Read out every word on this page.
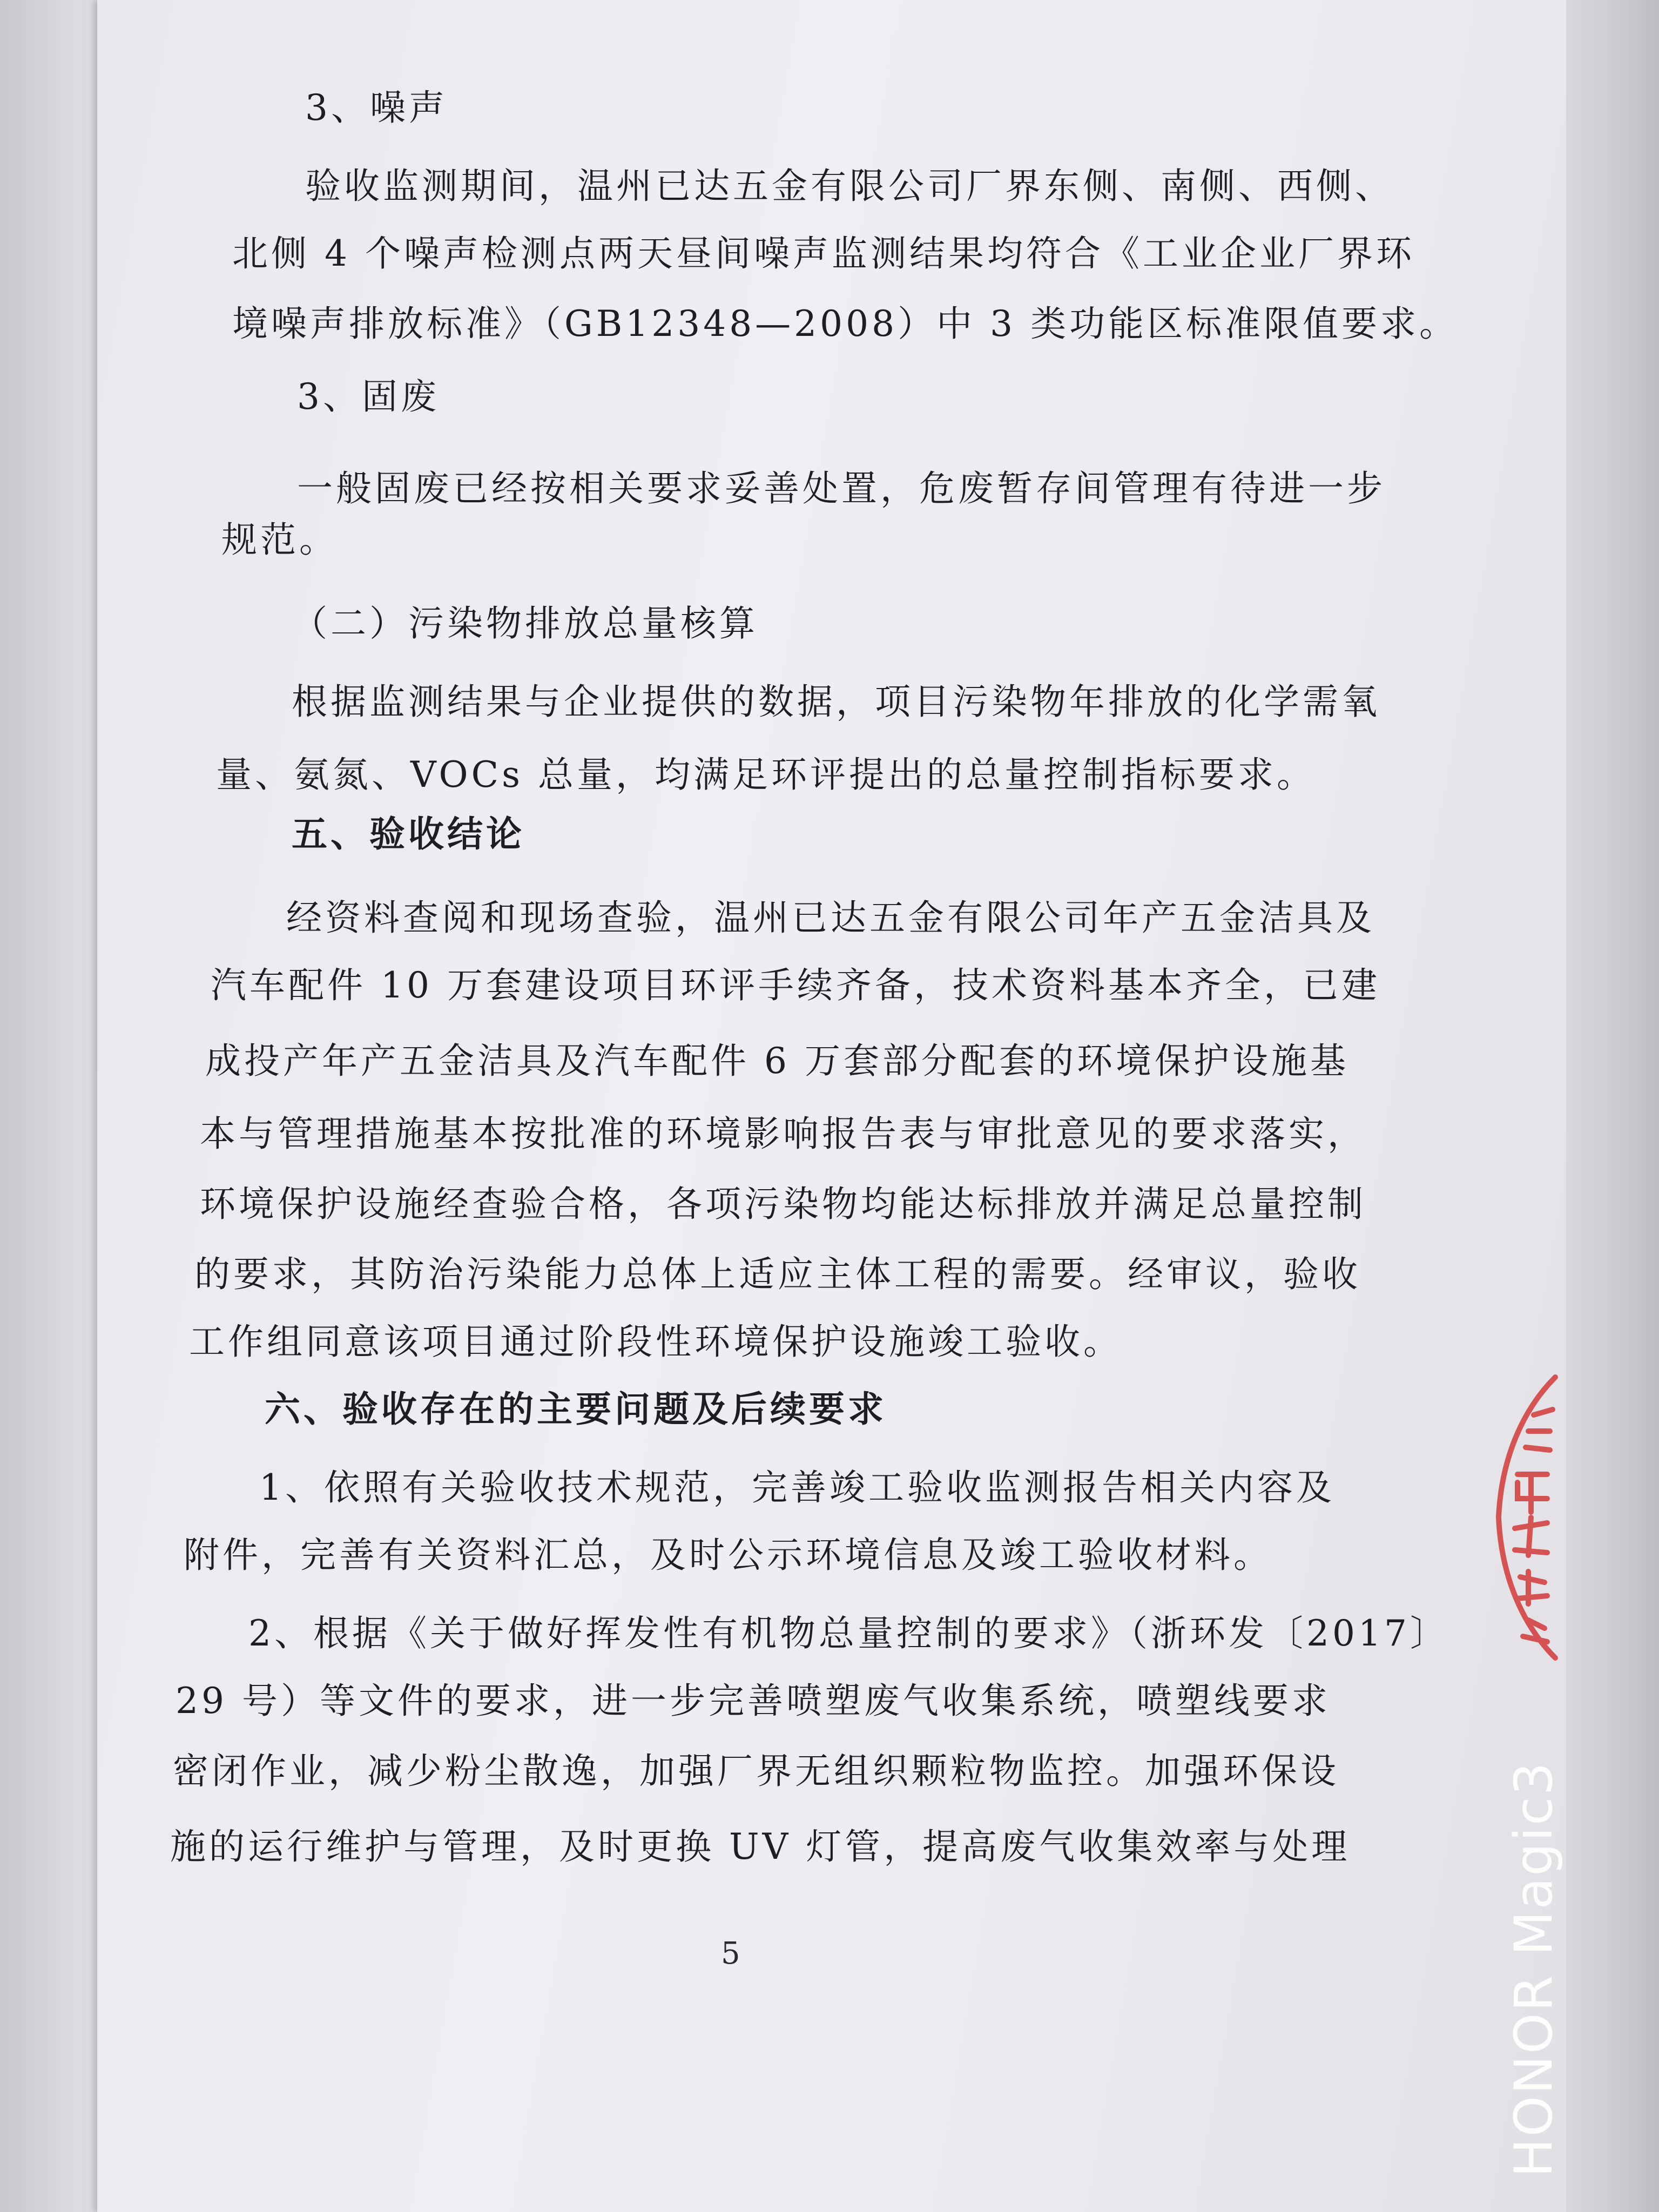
3、噪声
验收监测期间，温州已达五金有限公司厂界东侧、南侧、西侧、
北侧 4 个噪声检测点两天昼间噪声监测结果均符合《工业企业厂界环
境噪声排放标准》（GB12348—2008）中 3 类功能区标准限值要求。
3、固废
一般固废已经按相关要求妥善处置，危废暂存间管理有待进一步
规范。
（二）污染物排放总量核算
根据监测结果与企业提供的数据，项目污染物年排放的化学需氧
量、氨氮、VOCs 总量，均满足环评提出的总量控制指标要求。
五、验收结论
经资料查阅和现场查验，温州已达五金有限公司年产五金洁具及
汽车配件 10 万套建设项目环评手续齐备，技术资料基本齐全，已建
成投产年产五金洁具及汽车配件 6 万套部分配套的环境保护设施基
本与管理措施基本按批准的环境影响报告表与审批意见的要求落实，
环境保护设施经查验合格，各项污染物均能达标排放并满足总量控制
的要求，其防治污染能力总体上适应主体工程的需要。经审议，验收
工作组同意该项目通过阶段性环境保护设施竣工验收。
六、验收存在的主要问题及后续要求
1、依照有关验收技术规范，完善竣工验收监测报告相关内容及
附件，完善有关资料汇总，及时公示环境信息及竣工验收材料。
2、根据《关于做好挥发性有机物总量控制的要求》（浙环发〔2017〕
29 号）等文件的要求，进一步完善喷塑废气收集系统，喷塑线要求
密闭作业，减少粉尘散逸，加强厂界无组织颗粒物监控。加强环保设
施的运行维护与管理，及时更换 UV 灯管，提高废气收集效率与处理
5	HONOR Magic3
